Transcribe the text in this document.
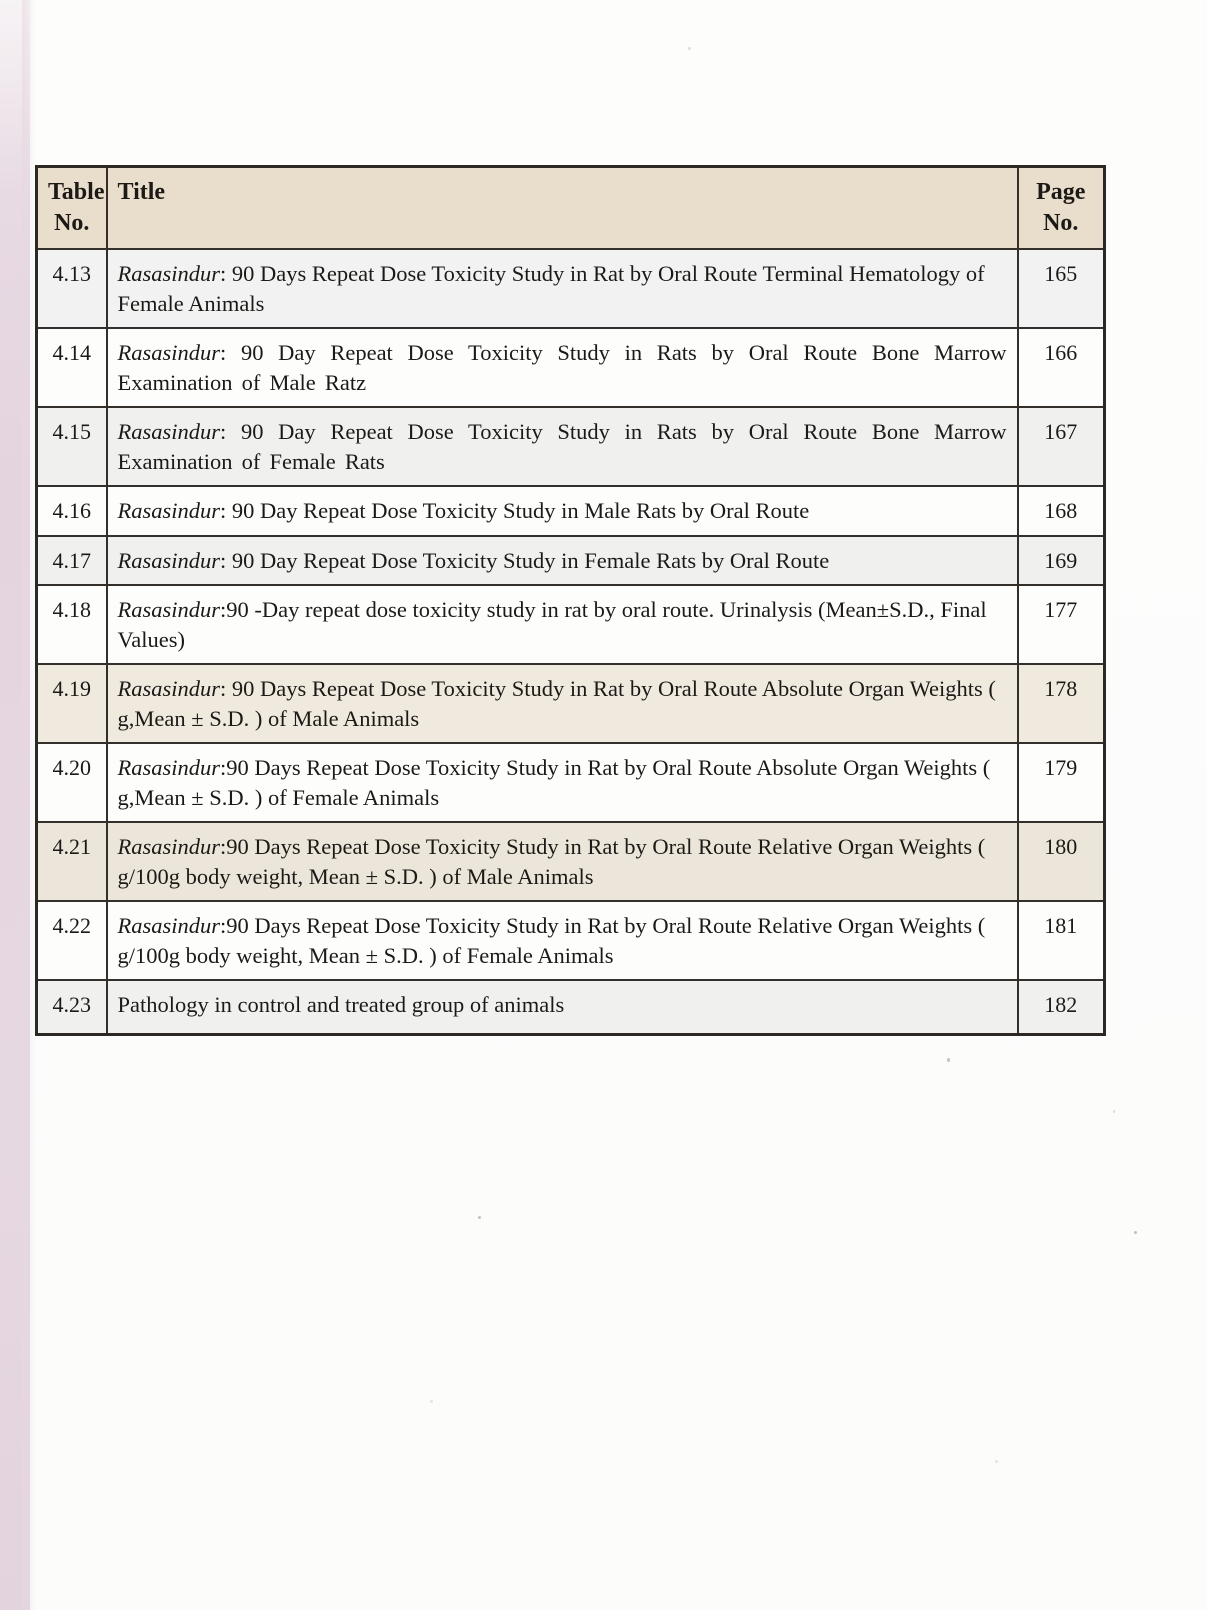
Table No.	Title	Page No.
4.13	Rasasindur: 90 Days Repeat Dose Toxicity Study in Rat by Oral Route Terminal Hematology of Female Animals	165
4.14	Rasasindur: 90 Day Repeat Dose Toxicity Study in Rats by Oral Route Bone Marrow Examination of Male Ratz	166
4.15	Rasasindur: 90 Day Repeat Dose Toxicity Study in Rats by Oral Route Bone Marrow Examination of Female Rats	167
4.16	Rasasindur: 90 Day Repeat Dose Toxicity Study in Male Rats by Oral Route	168
4.17	Rasasindur: 90 Day Repeat Dose Toxicity Study in Female Rats by Oral Route	169
4.18	Rasasindur:90 -Day repeat dose toxicity study in rat by oral route. Urinalysis (Mean±S.D., Final Values)	177
4.19	Rasasindur: 90 Days Repeat Dose Toxicity Study in Rat by Oral Route Absolute Organ Weights ( g,Mean ± S.D. ) of Male Animals	178
4.20	Rasasindur:90 Days Repeat Dose Toxicity Study in Rat by Oral Route Absolute Organ Weights ( g,Mean ± S.D. ) of Female Animals	179
4.21	Rasasindur:90 Days Repeat Dose Toxicity Study in Rat by Oral Route Relative Organ Weights ( g/100g body weight, Mean ± S.D. ) of Male Animals	180
4.22	Rasasindur:90 Days Repeat Dose Toxicity Study in Rat by Oral Route Relative Organ Weights ( g/100g body weight, Mean ± S.D. ) of Female Animals	181
4.23	Pathology in control and treated group of animals	182
